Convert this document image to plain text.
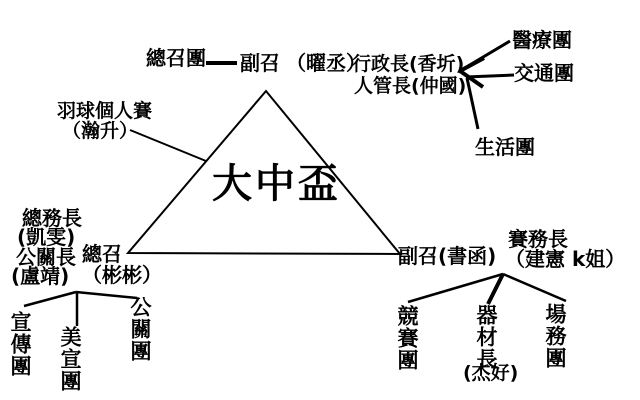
大中盃
總召團 副召 （曜丞）
行政長(香圻)
人管長(仲國)
醫療團
交通團
生活團
羽球個人賽
（瀚升）
總務長
(凱雯)
公關長
(盧靖)
總召
（彬彬）
宣傳團 美宣團 公關團
副召(書函)
賽務長
（建憲 k姐）
競賽團	器材長
(杰好)
場務團
